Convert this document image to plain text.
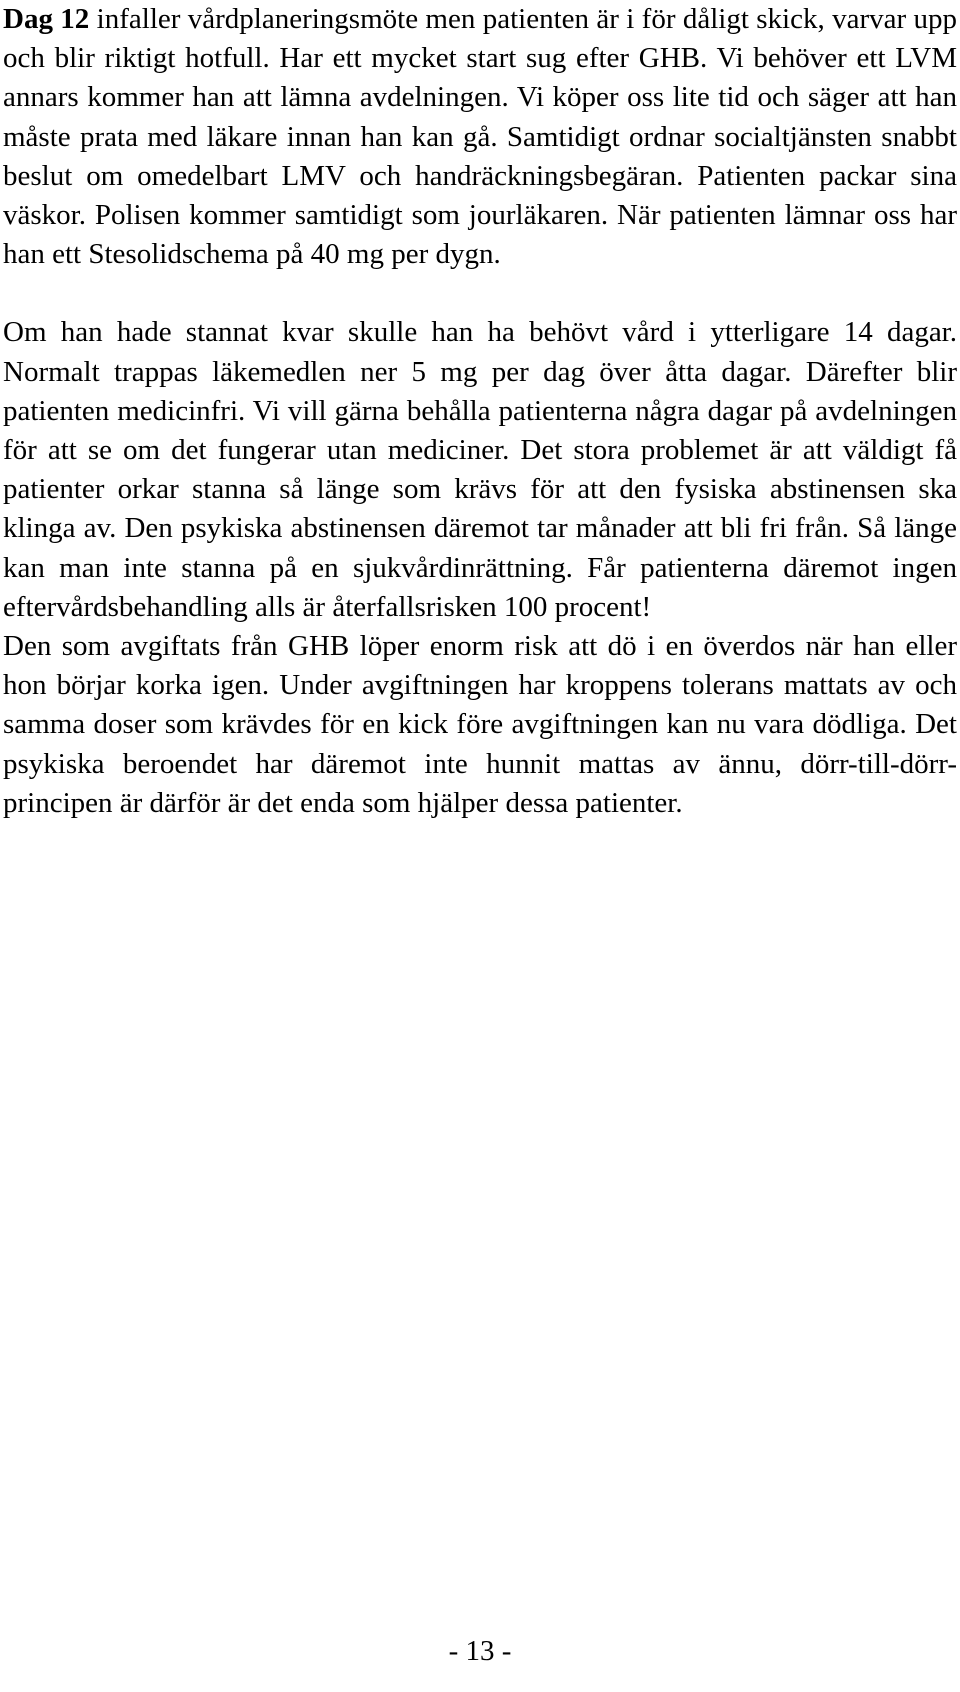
Dag 12 infaller vårdplaneringsmöte men patienten är i för dåligt skick, varvar upp och blir riktigt hotfull. Har ett mycket start sug efter GHB. Vi behöver ett LVM annars kommer han att lämna avdelningen. Vi köper oss lite tid och säger att han måste prata med läkare innan han kan gå. Samtidigt ordnar socialtjänsten snabbt beslut om omedelbart LMV och handräckningsbegäran. Patienten packar sina väskor. Polisen kommer samtidigt som jourläkaren. När patienten lämnar oss har han ett Stesolidschema på 40 mg per dygn.

Om han hade stannat kvar skulle han ha behövt vård i ytterligare 14 dagar. Normalt trappas läkemedlen ner 5 mg per dag över åtta dagar. Därefter blir patienten medicinfri. Vi vill gärna behålla patienterna några dagar på avdelningen för att se om det fungerar utan mediciner. Det stora problemet är att väldigt få patienter orkar stanna så länge som krävs för att den fysiska abstinensen ska klinga av. Den psykiska abstinensen däremot tar månader att bli fri från. Så länge kan man inte stanna på en sjukvårdinrättning. Får patienterna däremot ingen eftervårdsbehandling alls är återfallsrisken 100 procent!

Den som avgiftats från GHB löper enorm risk att dö i en överdos när han eller hon börjar korka igen. Under avgiftningen har kroppens tolerans mattats av och samma doser som krävdes för en kick före avgiftningen kan nu vara dödliga. Det psykiska beroendet har däremot inte hunnit mattas av ännu, dörr-till-dörr-principen är därför är det enda som hjälper dessa patienter.

- 13 -
